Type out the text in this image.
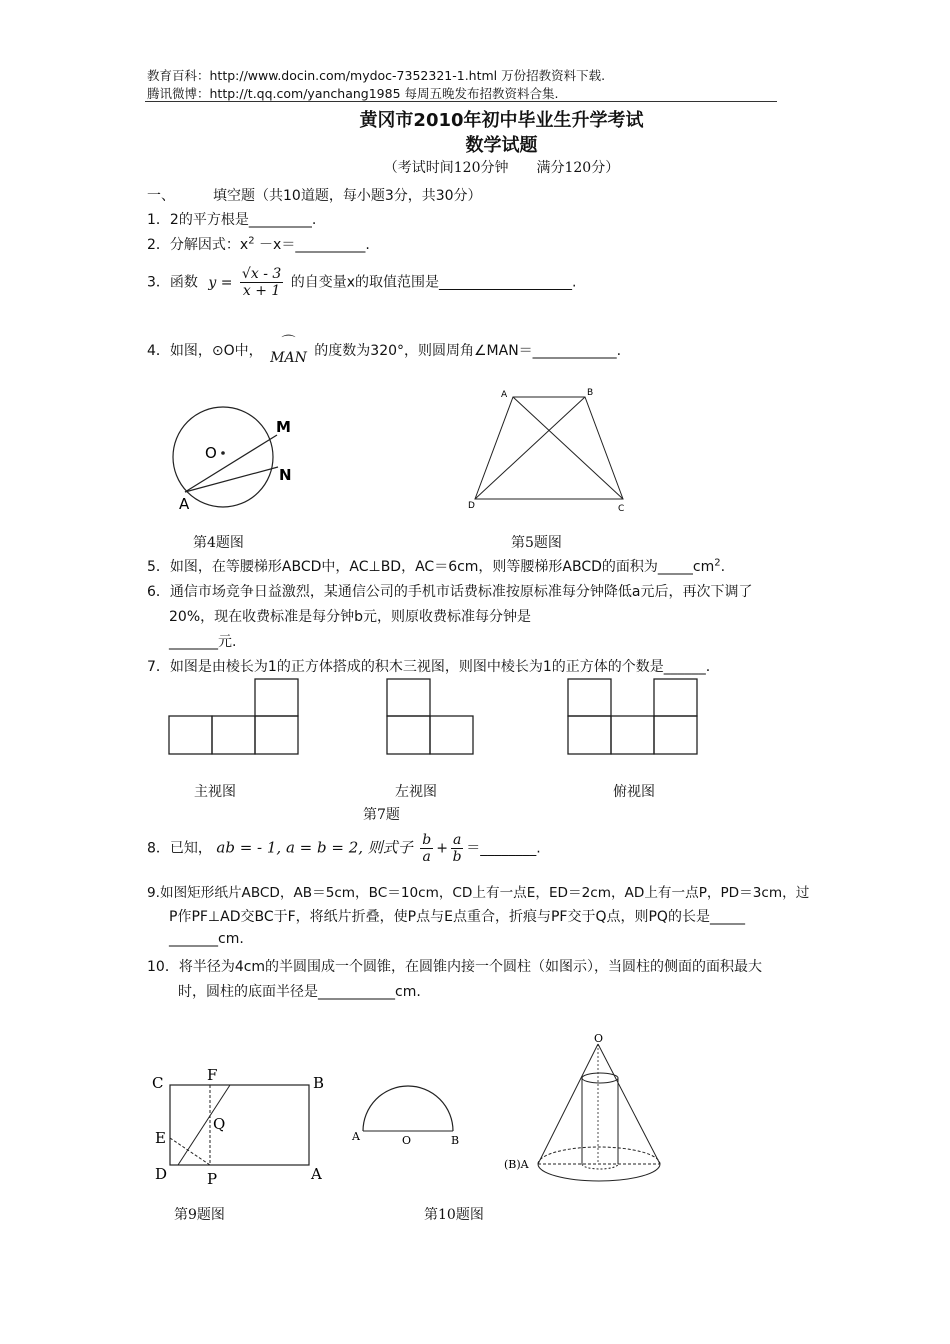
教育百科：http://www.docin.com/mydoc-7352321-1.html 万份招教资料下载.
腾讯微博：http://t.qq.com/yanchang1985 每周五晚发布招教资料合集.
黄冈市2010年初中毕业生升学考试
数学试题
（考试时间120分钟　　满分120分）
一、	填空题（共10道题，每小题3分，共30分）
1．2的平方根是_________.
2．分解因式：$x^2$ －x＝__________.
3．函数 $y = \frac{√x - 3}{x + 1}$ 的自变量x的取值范围是___________________.
4．如图，⊙O中，	⌒
MAN 的度数为320°，则圆周角∠MAN＝____________.
O
M
N
A
第4题图
A	B
C
D
第5题图
5．如图，在等腰梯形ABCD中，AC⊥BD，AC＝6cm，则等腰梯形ABCD的面积为$\_\_\_\_\_cm^2$.
6．通信市场竞争日益激烈，某通信公司的手机市话费标准按原标准每分钟降低a元后，再次下调了
20%，现在收费标准是每分钟b元，则原收费标准每分钟是
_______元.
7．如图是由棱长为1的正方体搭成的积木三视图，则图中棱长为1的正方体的个数是______.
主视图	左视图	俯视图
第7题
8．已知， ab = - 1, a = b = 2, 则式子 $\frac{b}{a} + \frac{a}{b}$ ＝________.
9.如图矩形纸片ABCD，AB＝5cm，BC＝10cm，CD上有一点E，ED＝2cm，AD上有一点P，PD＝3cm，过
P作PF⊥AD交BC于F，将纸片折叠，使P点与E点重合，折痕与PF交于Q点，则PQ的长是_____
_______cm.
10．将半径为4cm的半圆围成一个圆锥，在圆锥内接一个圆柱（如图示），当圆柱的侧面的面积最大
时，圆柱的底面半径是___________cm.
C	F	B
Q
E
D	P	A
第9题图
A	O	B
O
(B)A
第10题图
